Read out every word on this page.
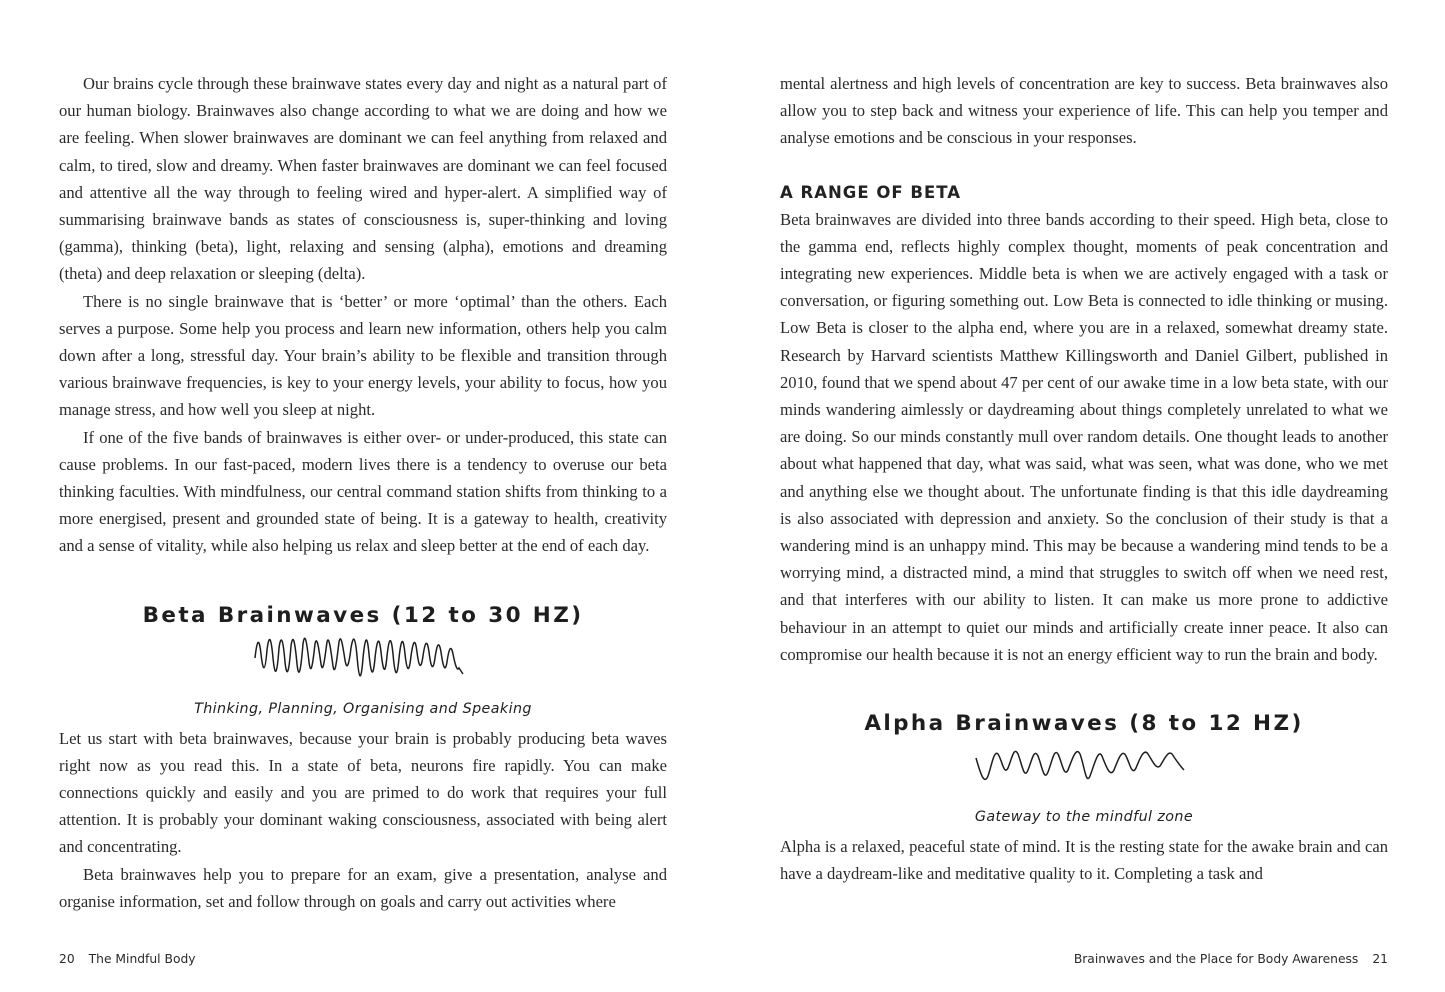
Our brains cycle through these brainwave states every day and night as a natural part of our human biology. Brainwaves also change according to what we are doing and how we are feeling. When slower brainwaves are dominant we can feel anything from relaxed and calm, to tired, slow and dreamy. When faster brainwaves are dominant we can feel focused and attentive all the way through to feeling wired and hyper-alert. A simplified way of summarising brainwave bands as states of consciousness is, super-thinking and loving (gamma), thinking (beta), light, relaxing and sensing (alpha), emotions and dreaming (theta) and deep relaxation or sleeping (delta).

There is no single brainwave that is ‘better’ or more ‘optimal’ than the others. Each serves a purpose. Some help you process and learn new information, others help you calm down after a long, stressful day. Your brain’s ability to be flexible and transition through various brainwave frequencies, is key to your energy levels, your ability to focus, how you manage stress, and how well you sleep at night.

If one of the five bands of brainwaves is either over- or under-produced, this state can cause problems. In our fast-paced, modern lives there is a tendency to overuse our beta thinking faculties. With mindfulness, our central command station shifts from thinking to a more energised, present and grounded state of being. It is a gateway to health, creativity and a sense of vitality, while also helping us relax and sleep better at the end of each day.

Beta Brainwaves (12 to 30 HZ)

Thinking, Planning, Organising and Speaking

Let us start with beta brainwaves, because your brain is probably producing beta waves right now as you read this. In a state of beta, neurons fire rapidly. You can make connections quickly and easily and you are primed to do work that requires your full attention. It is probably your dominant waking consciousness, associated with being alert and concentrating.

Beta brainwaves help you to prepare for an exam, give a presentation, analyse and organise information, set and follow through on goals and carry out activities where

20 The Mindful Body

mental alertness and high levels of concentration are key to success. Beta brainwaves also allow you to step back and witness your experience of life. This can help you temper and analyse emotions and be conscious in your responses.

A RANGE OF BETA

Beta brainwaves are divided into three bands according to their speed. High beta, close to the gamma end, reflects highly complex thought, moments of peak concentration and integrating new experiences. Middle beta is when we are actively engaged with a task or conversation, or figuring something out. Low Beta is connected to idle thinking or musing. Low Beta is closer to the alpha end, where you are in a relaxed, somewhat dreamy state. Research by Harvard scientists Matthew Killingsworth and Daniel Gilbert, published in 2010, found that we spend about 47 per cent of our awake time in a low beta state, with our minds wandering aimlessly or daydreaming about things completely unrelated to what we are doing. So our minds constantly mull over random details. One thought leads to another about what happened that day, what was said, what was seen, what was done, who we met and anything else we thought about. The unfortunate finding is that this idle daydreaming is also associated with depression and anxiety. So the conclusion of their study is that a wandering mind is an unhappy mind. This may be because a wandering mind tends to be a worrying mind, a distracted mind, a mind that struggles to switch off when we need rest, and that interferes with our ability to listen. It can make us more prone to addictive behaviour in an attempt to quiet our minds and artificially create inner peace. It also can compromise our health because it is not an energy efficient way to run the brain and body.

Alpha Brainwaves (8 to 12 HZ)

Gateway to the mindful zone

Alpha is a relaxed, peaceful state of mind. It is the resting state for the awake brain and can have a daydream-like and meditative quality to it. Completing a task and

Brainwaves and the Place for Body Awareness 21
